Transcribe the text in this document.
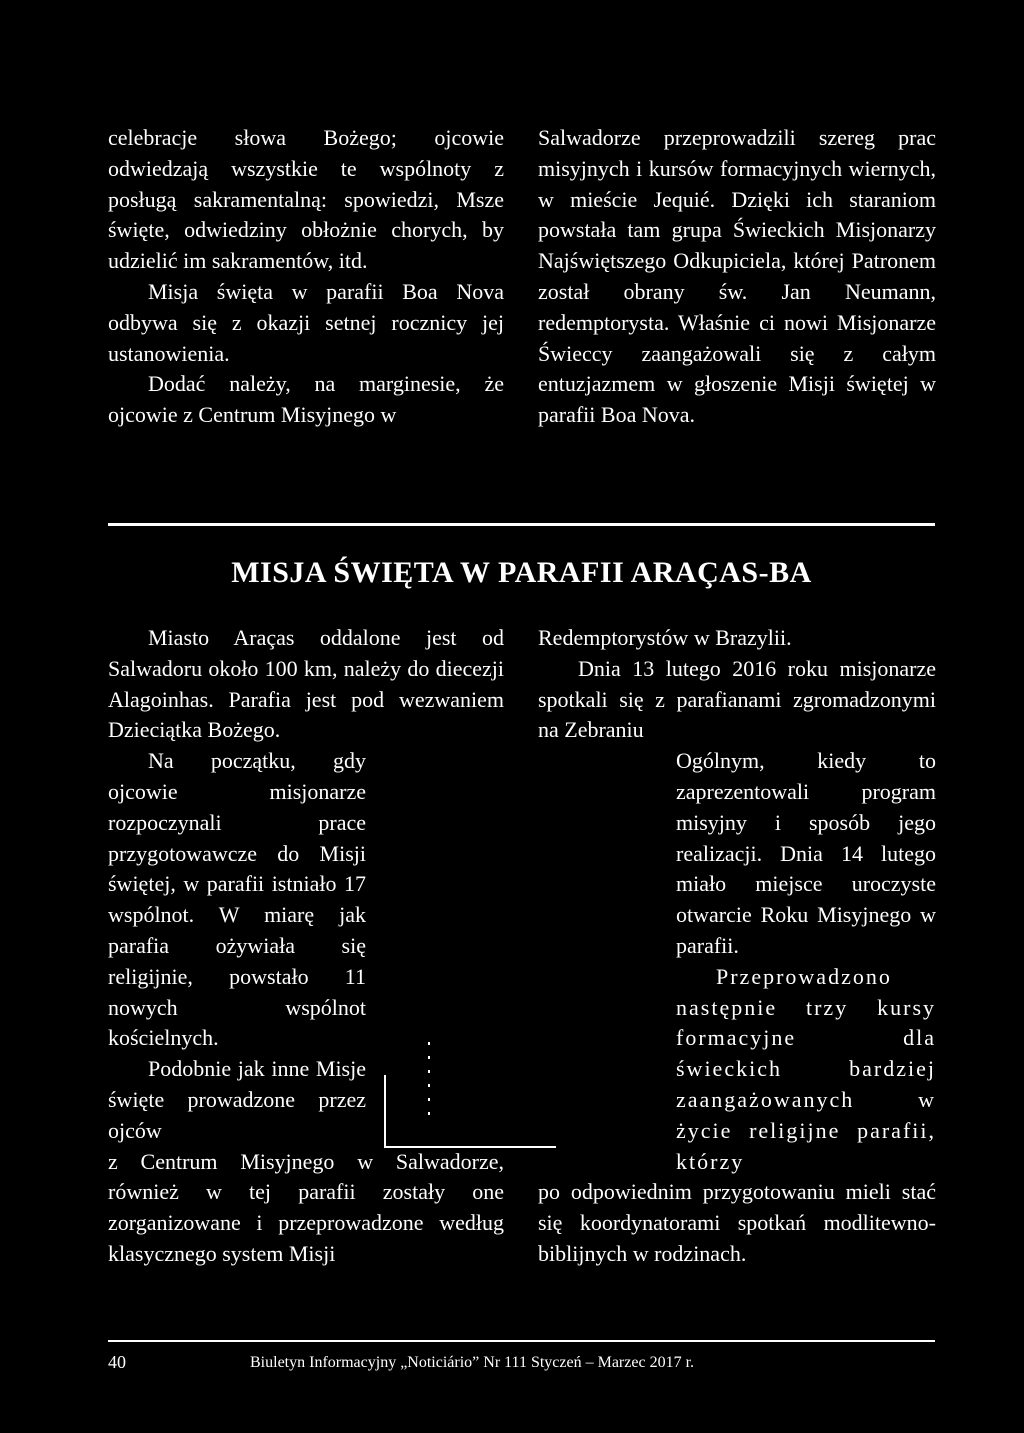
celebracje słowa Bożego; ojcowie odwiedzają wszystkie te wspólnoty z posługą sakramentalną: spowiedzi, Msze święte, odwiedziny obłożnie chorych, by udzielić im sakramentów, itd.

Misja święta w parafii Boa Nova odbywa się z okazji setnej rocznicy jej ustanowienia.

Dodać należy, na marginesie, że ojcowie z Centrum Misyjnego w

Salwadorze przeprowadzili szereg prac misyjnych i kursów formacyjnych wiernych, w mieście Jequié. Dzięki ich staraniom powstała tam grupa Świeckich Misjonarzy Najświętszego Odkupiciela, której Patronem został obrany św. Jan Neumann, redemptorysta. Właśnie ci nowi Misjonarze Świeccy zaangażowali się z całym entuzjazmem w głoszenie Misji świętej w parafii Boa Nova.

MISJA ŚWIĘTA W PARAFII ARAÇAS-BA

Miasto Araças oddalone jest od Salwadoru około 100 km, należy do diecezji Alagoinhas. Parafia jest pod wezwaniem Dzieciątka Bożego.

Na początku, gdy ojcowie misjonarze rozpoczynali prace przygotowawcze do Misji świętej, w parafii istniało 17 wspólnot. W miarę jak parafia ożywiała się religijnie, powstało 11 nowych wspólnot kościelnych.

Podobnie jak inne Misje święte prowadzone przez ojców

z Centrum Misyjnego w Salwadorze, również w tej parafii zostały one zorganizowane i przeprowadzone według klasycznego system Misji

Redemptorystów w Brazylii.

Dnia 13 lutego 2016 roku misjonarze spotkali się z parafianami zgromadzonymi na Zebraniu

Ogólnym, kiedy to zaprezentowali program misyjny i sposób jego realizacji. Dnia 14 lutego miało miejsce uroczyste otwarcie Roku Misyjnego w parafii.

Przeprowadzono następnie trzy kursy formacyjne dla świeckich bardziej zaangażowanych w życie religijne parafii, którzy

po odpowiednim przygotowaniu mieli stać się koordynatorami spotkań modlitewno-biblijnych w rodzinach.

40	Biuletyn Informacyjny „Noticiário” Nr 111 Styczeń – Marzec 2017 r.
